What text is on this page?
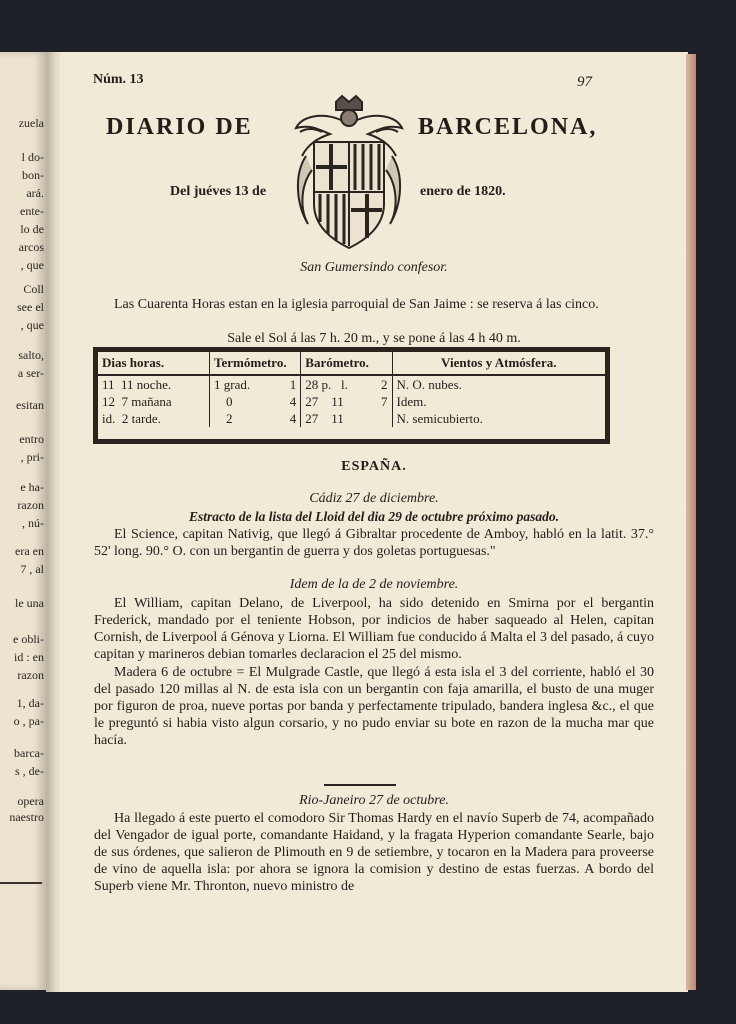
zuela
l do-
bon-
ará.
ente-
lo de
arcos
, que
Coll
see el
, que
salto,
a ser-
esitan
entro
, pri-
e ha-
razon
, nú-
era en
7 , al
le una
e obli-
id : en
razon
1, da-
o , pa-
barca-
s , de-
opera
naestro
Núm. 13	97
DIARIO DE	BARCELONA,
Del juéves 13 de	enero de 1820.
San Gumersindo confesor.
Las Cuarenta Horas estan en la iglesia parroquial de San Jaime : se reserva á las cinco.
Sale el Sol á las 7 h. 20 m., y se pone á las 4 h 40 m.
Dias horas.	Termómetro.	Barómetro.	Vientos y Atmósfera.
11 11 noche.	1 grad. 1	28 p. l. 2	N. O. nubes.
12 7 mañana	0 4	27 11 7	Idem.
id. 2 tarde.	2 4	27 11	N. semicubierto.
ESPAÑA.
Cádiz 27 de diciembre.
Estracto de la lista del Lloid del dia 29 de octubre próximo pasado.
El Science, capitan Nativig, que llegó á Gibraltar procedente de Amboy, habló en la latit. 37.° 52' long. 90.° O. con un bergantin de guerra y dos goletas portuguesas."
Idem de la de 2 de noviembre.
El William, capitan Delano, de Liverpool, ha sido detenido en Smirna por el bergantin Frederick, mandado por el teniente Hobson, por indicios de haber saqueado al Helen, capitan Cornish, de Liverpool á Génova y Liorna. El William fue conducido á Malta el 3 del pasado, á cuyo capitan y marineros debian tomarles declaracion el 25 del mismo.
Madera 6 de octubre = El Mulgrade Castle, que llegó á esta isla el 3 del corriente, habló el 30 del pasado 120 millas al N. de esta isla con un bergantin con faja amarilla, el busto de una muger por figuron de proa, nueve portas por banda y perfectamente tripulado, bandera inglesa &c., el que le preguntó si habia visto algun corsario, y no pudo enviar su bote en razon de la mucha mar que hacía.
Rio-Janeiro 27 de octubre.
Ha llegado á este puerto el comodoro Sir Thomas Hardy en el navío Superb de 74, acompañado del Vengador de igual porte, comandante Haidand, y la fragata Hyperion comandante Searle, bajo de sus órdenes, que salieron de Plimouth en 9 de setiembre, y tocaron en la Madera para proveerse de vino de aquella isla: por ahora se ignora la comision y destino de estas fuerzas. A bordo del Superb viene Mr. Thronton, nuevo ministro de
